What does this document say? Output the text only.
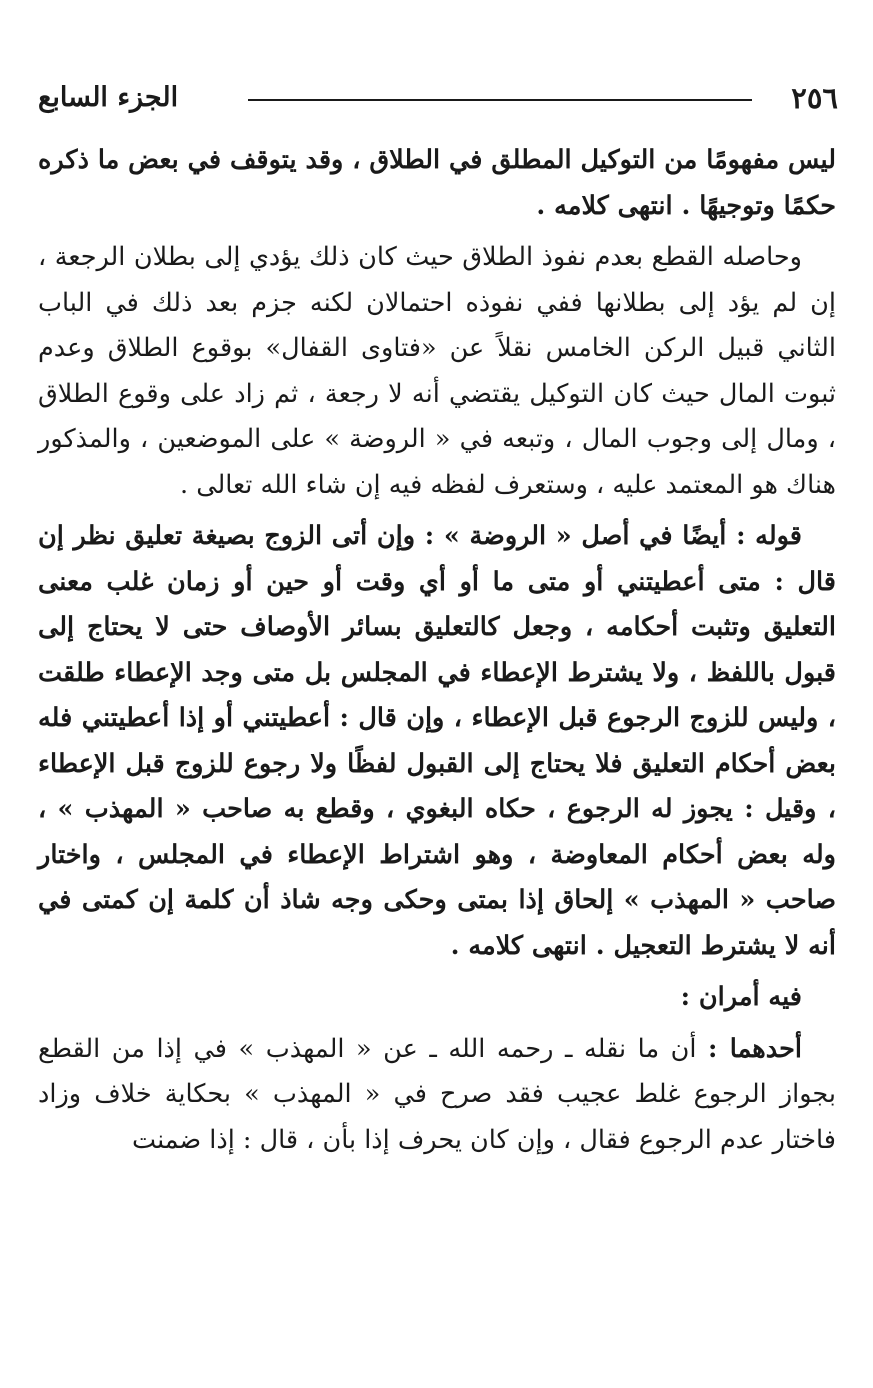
٢٥٦
الجزء السابع

ليس مفهومًا من التوكيل المطلق في الطلاق ، وقد يتوقف في بعض ما ذكره حكمًا وتوجيهًا . انتهى كلامه .

وحاصله القطع بعدم نفوذ الطلاق حيث كان ذلك يؤدي إلى بطلان الرجعة ، إن لم يؤد إلى بطلانها ففي نفوذه احتمالان لكنه جزم بعد ذلك في الباب الثاني قبيل الركن الخامس نقلاً عن «فتاوى القفال» بوقوع الطلاق وعدم ثبوت المال حيث كان التوكيل يقتضي أنه لا رجعة ، ثم زاد على وقوع الطلاق ، ومال إلى وجوب المال ، وتبعه في « الروضة » على الموضعين ، والمذكور هناك هو المعتمد عليه ، وستعرف لفظه فيه إن شاء الله تعالى .

قوله : أيضًا في أصل « الروضة » : وإن أتى الزوج بصيغة تعليق نظر إن قال : متى أعطيتني أو متى ما أو أي وقت أو حين أو زمان غلب معنى التعليق وتثبت أحكامه ، وجعل كالتعليق بسائر الأوصاف حتى لا يحتاج إلى قبول باللفظ ، ولا يشترط الإعطاء في المجلس بل متى وجد الإعطاء طلقت ، وليس للزوج الرجوع قبل الإعطاء ، وإن قال : أعطيتني أو إذا أعطيتني فله بعض أحكام التعليق فلا يحتاج إلى القبول لفظًا ولا رجوع للزوج قبل الإعطاء ، وقيل : يجوز له الرجوع ، حكاه البغوي ، وقطع به صاحب « المهذب » ، وله بعض أحكام المعاوضة ، وهو اشتراط الإعطاء في المجلس ، واختار صاحب « المهذب » إلحاق إذا بمتى وحكى وجه شاذ أن كلمة إن كمتى في أنه لا يشترط التعجيل . انتهى كلامه .

فيه أمران :

أحدهما : أن ما نقله ـ رحمه الله ـ عن « المهذب » في إذا من القطع بجواز الرجوع غلط عجيب فقد صرح في « المهذب » بحكاية خلاف وزاد فاختار عدم الرجوع فقال ، وإن كان يحرف إذا بأن ، قال : إذا ضمنت
